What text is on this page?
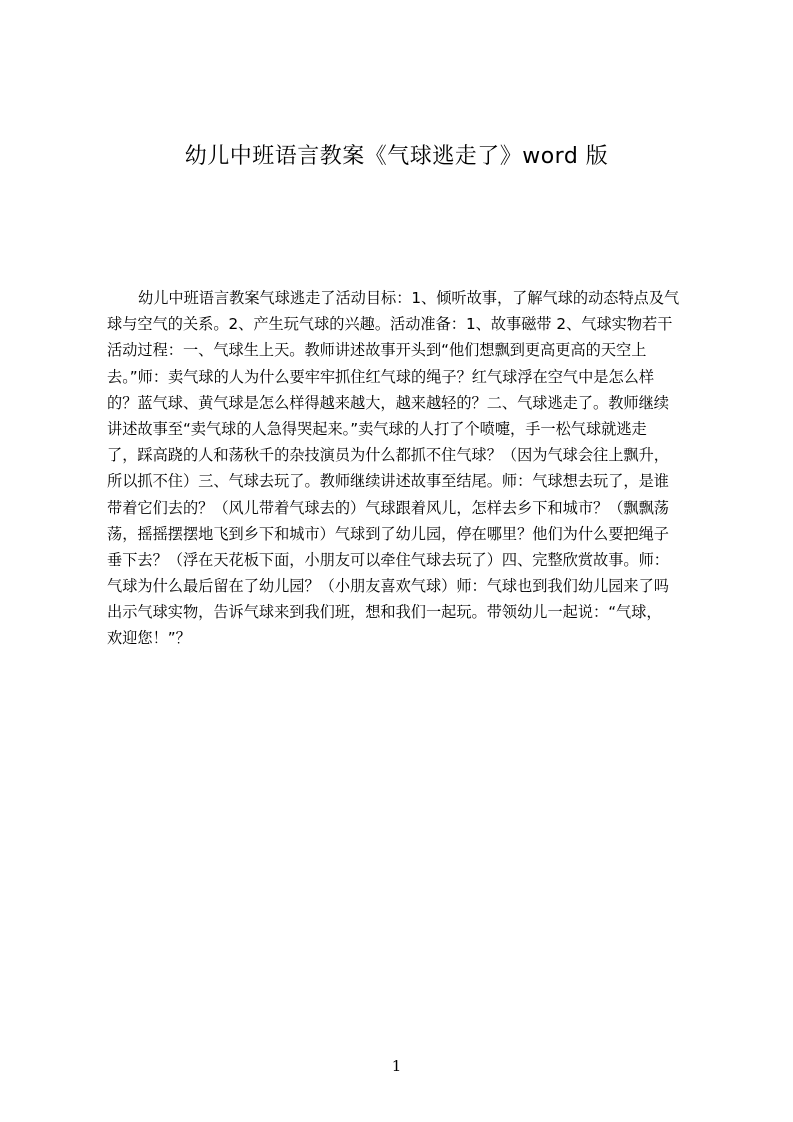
幼儿中班语言教案《气球逃走了》word 版
幼儿中班语言教案气球逃走了活动目标：1、倾听故事，了解气球的动态特点及气
球与空气的关系。2、产生玩气球的兴趣。活动准备：1、故事磁带 2、气球实物若干
活动过程：一、气球生上天。教师讲述故事开头到“他们想飘到更高更高的天空上
去。”师：卖气球的人为什么要牢牢抓住红气球的绳子？红气球浮在空气中是怎么样
的？蓝气球、黄气球是怎么样得越来越大，越来越轻的？二、气球逃走了。教师继续
讲述故事至“卖气球的人急得哭起来。”卖气球的人打了个喷嚏，手一松气球就逃走
了，踩高跷的人和荡秋千的杂技演员为什么都抓不住气球？（因为气球会往上飘升，
所以抓不住）三、气球去玩了。教师继续讲述故事至结尾。师：气球想去玩了，是谁
带着它们去的？（风儿带着气球去的）气球跟着风儿，怎样去乡下和城市？（飘飘荡
荡，摇摇摆摆地飞到乡下和城市）气球到了幼儿园，停在哪里？他们为什么要把绳子
垂下去？（浮在天花板下面，小朋友可以牵住气球去玩了）四、完整欣赏故事。师：
气球为什么最后留在了幼儿园？（小朋友喜欢气球）师：气球也到我们幼儿园来了吗
出示气球实物，告诉气球来到我们班，想和我们一起玩。带领幼儿一起说：“气球，
欢迎您！”？
1
